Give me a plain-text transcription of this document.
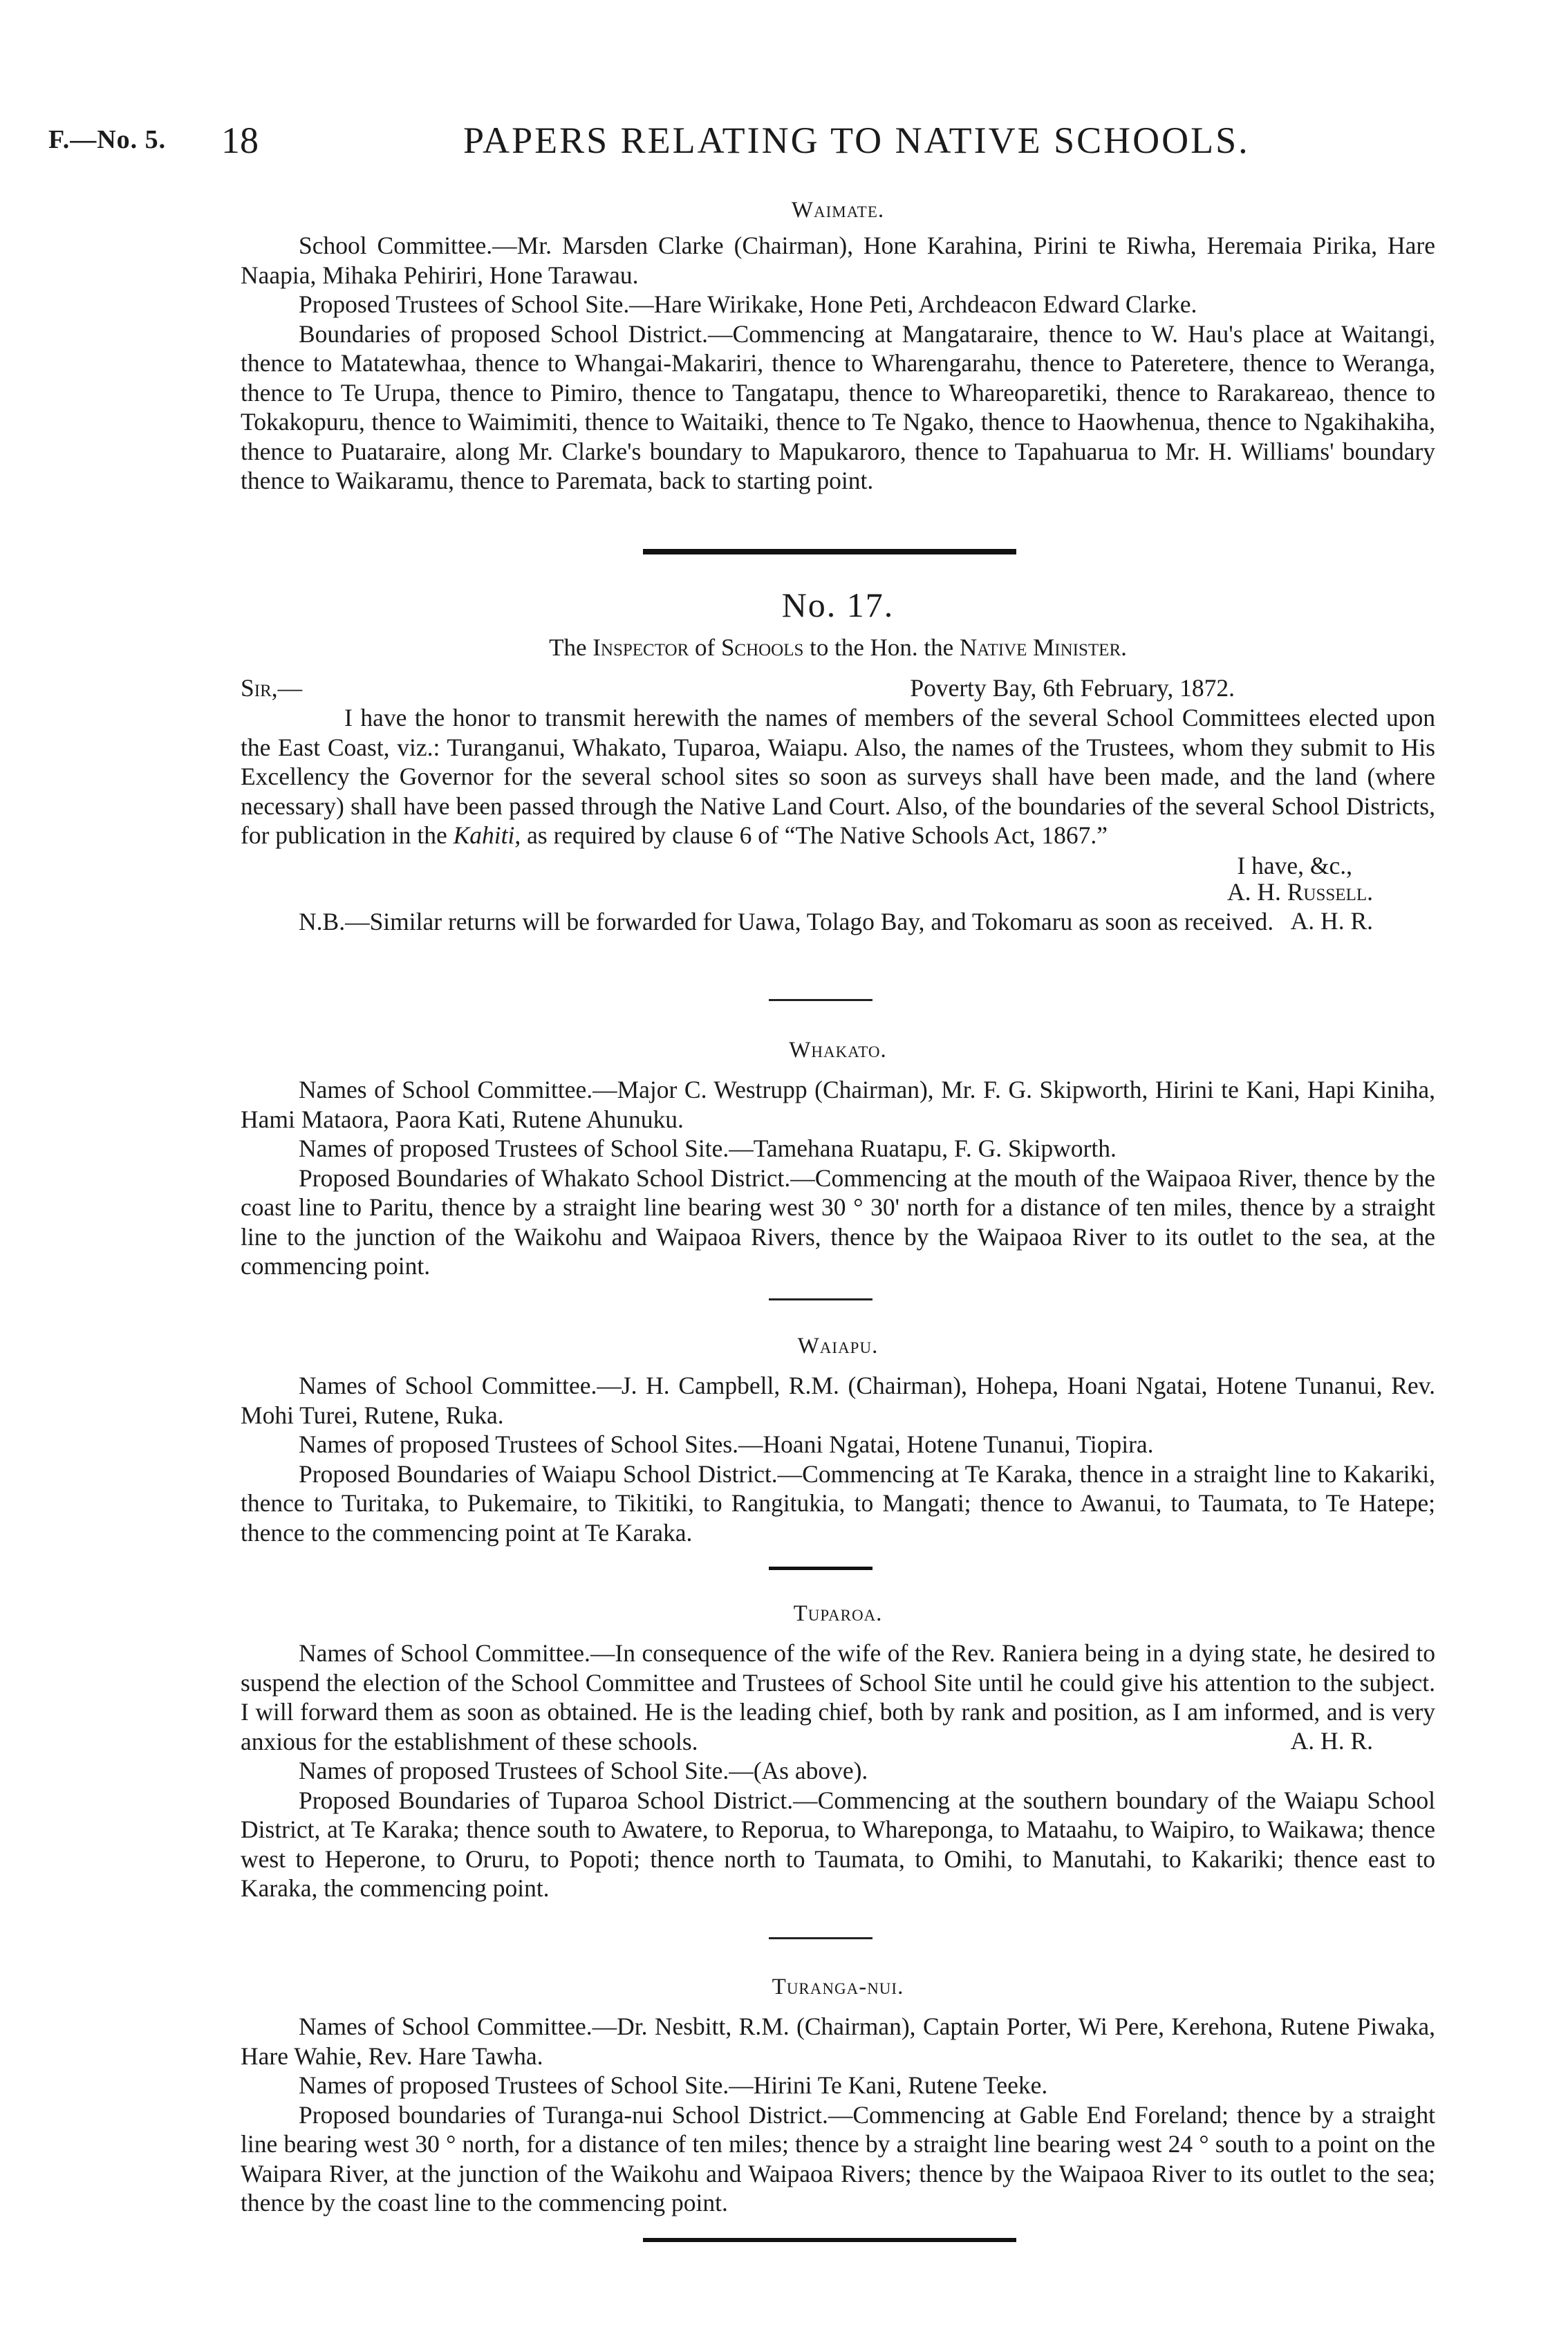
F.—No. 5. 18	PAPERS RELATING TO NATIVE SCHOOLS.

Waimate.

School Committee.—Mr. Marsden Clarke (Chairman), Hone Karahina, Pirini te Riwha, Heremaia Pirika, Hare Naapia, Mihaka Pehiriri, Hone Tarawau.

Proposed Trustees of School Site.—Hare Wirikake, Hone Peti, Archdeacon Edward Clarke.

Boundaries of proposed School District.—Commencing at Mangataraire, thence to W. Hau's place at Waitangi, thence to Matatewhaa, thence to Whangai-Makariri, thence to Wharengarahu, thence to Pateretere, thence to Weranga, thence to Te Urupa, thence to Pimiro, thence to Tangatapu, thence to Whareoparetiki, thence to Rarakareao, thence to Tokakopuru, thence to Waimimiti, thence to Waitaiki, thence to Te Ngako, thence to Haowhenua, thence to Ngakihakiha, thence to Puataraire, along Mr. Clarke's boundary to Mapukaroro, thence to Tapahuarua to Mr. H. Williams' boundary thence to Waikaramu, thence to Paremata, back to starting point.

No. 17.

The Inspector of Schools to the Hon. the Native Minister.

Sir,—	Poverty Bay, 6th February, 1872.

I have the honor to transmit herewith the names of members of the several School Committees elected upon the East Coast, viz.: Turanganui, Whakato, Tuparoa, Waiapu. Also, the names of the Trustees, whom they submit to His Excellency the Governor for the several school sites so soon as surveys shall have been made, and the land (where necessary) shall have been passed through the Native Land Court. Also, of the boundaries of the several School Districts, for publication in the Kahiti, as required by clause 6 of “The Native Schools Act, 1867.”

I have, &c.,
A. H. Russell.

N.B.—Similar returns will be forwarded for Uawa, Tolago Bay, and Tokomaru as soon as received. A. H. R.

Whakato.

Names of School Committee.—Major C. Westrupp (Chairman), Mr. F. G. Skipworth, Hirini te Kani, Hapi Kiniha, Hami Mataora, Paora Kati, Rutene Ahunuku.

Names of proposed Trustees of School Site.—Tamehana Ruatapu, F. G. Skipworth.

Proposed Boundaries of Whakato School District.—Commencing at the mouth of the Waipaoa River, thence by the coast line to Paritu, thence by a straight line bearing west 30 ° 30' north for a distance of ten miles, thence by a straight line to the junction of the Waikohu and Waipaoa Rivers, thence by the Waipaoa River to its outlet to the sea, at the commencing point.

Waiapu.

Names of School Committee.—J. H. Campbell, R.M. (Chairman), Hohepa, Hoani Ngatai, Hotene Tunanui, Rev. Mohi Turei, Rutene, Ruka.

Names of proposed Trustees of School Sites.—Hoani Ngatai, Hotene Tunanui, Tiopira.

Proposed Boundaries of Waiapu School District.—Commencing at Te Karaka, thence in a straight line to Kakariki, thence to Turitaka, to Pukemaire, to Tikitiki, to Rangitukia, to Mangati; thence to Awanui, to Taumata, to Te Hatepe; thence to the commencing point at Te Karaka.

Tuparoa.

Names of School Committee.—In consequence of the wife of the Rev. Raniera being in a dying state, he desired to suspend the election of the School Committee and Trustees of School Site until he could give his attention to the subject. I will forward them as soon as obtained. He is the leading chief, both by rank and position, as I am informed, and is very anxious for the establishment of these schools.	A. H. R.

Names of proposed Trustees of School Site.—(As above).

Proposed Boundaries of Tuparoa School District.—Commencing at the southern boundary of the Waiapu School District, at Te Karaka; thence south to Awatere, to Reporua, to Whareponga, to Mataahu, to Waipiro, to Waikawa; thence west to Heperone, to Oruru, to Popoti; thence north to Taumata, to Omihi, to Manutahi, to Kakariki; thence east to Karaka, the commencing point.

Turanga-nui.

Names of School Committee.—Dr. Nesbitt, R.M. (Chairman), Captain Porter, Wi Pere, Kerehona, Rutene Piwaka, Hare Wahie, Rev. Hare Tawha.

Names of proposed Trustees of School Site.—Hirini Te Kani, Rutene Teeke.

Proposed boundaries of Turanga-nui School District.—Commencing at Gable End Foreland; thence by a straight line bearing west 30 ° north, for a distance of ten miles; thence by a straight line bearing west 24 ° south to a point on the Waipara River, at the junction of the Waikohu and Waipaoa Rivers; thence by the Waipaoa River to its outlet to the sea; thence by the coast line to the commencing point.
